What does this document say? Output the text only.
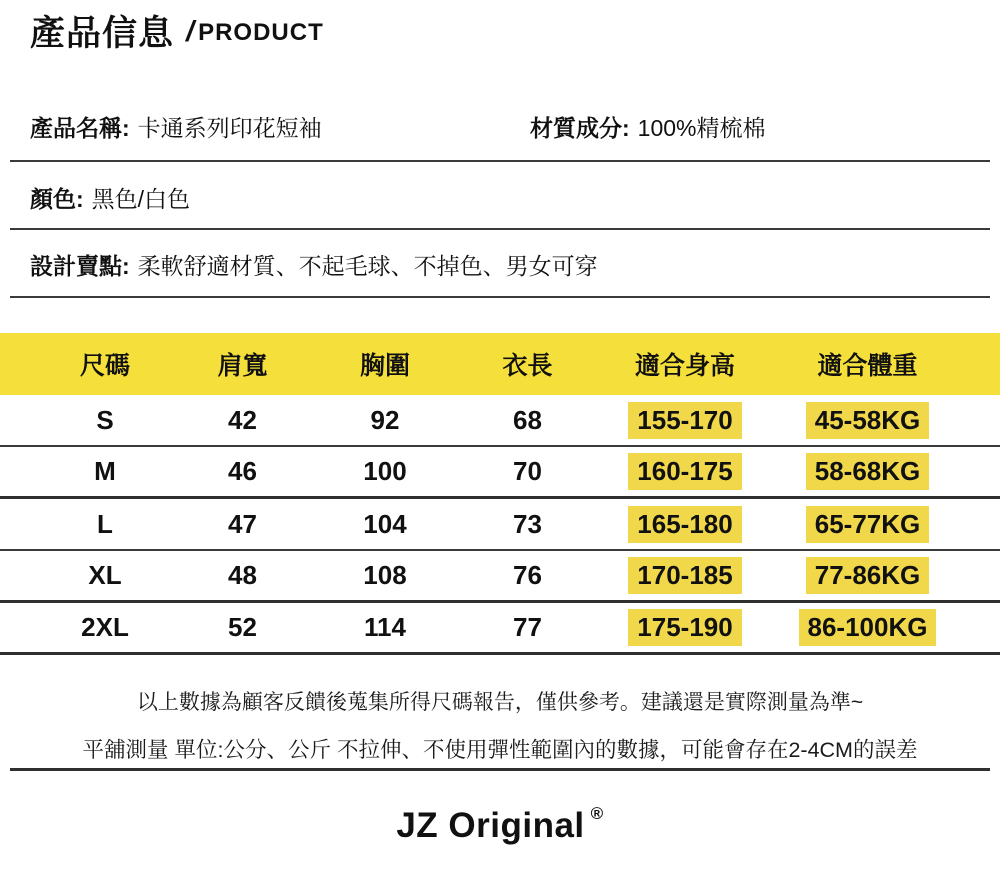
產品信息 / PRODUCT
產品名稱: 卡通系列印花短袖	材質成分: 100%精梳棉
顏色: 黑色/白色
設計賣點: 柔軟舒適材質、不起毛球、不掉色、男女可穿
尺碼	肩寬	胸圍	衣長	適合身高	適合體重
S	42	92	68	155-170	45-58KG
M	46	100	70	160-175	58-68KG
L	47	104	73	165-180	65-77KG
XL	48	108	76	170-185	77-86KG
2XL	52	114	77	175-190	86-100KG
以上數據為顧客反饋後蒐集所得尺碼報告，僅供參考。建議還是實際測量為準~
平舖測量 單位:公分、公斤 不拉伸、不使用彈性範圍內的數據，可能會存在2-4CM的誤差
JZ Original ®
